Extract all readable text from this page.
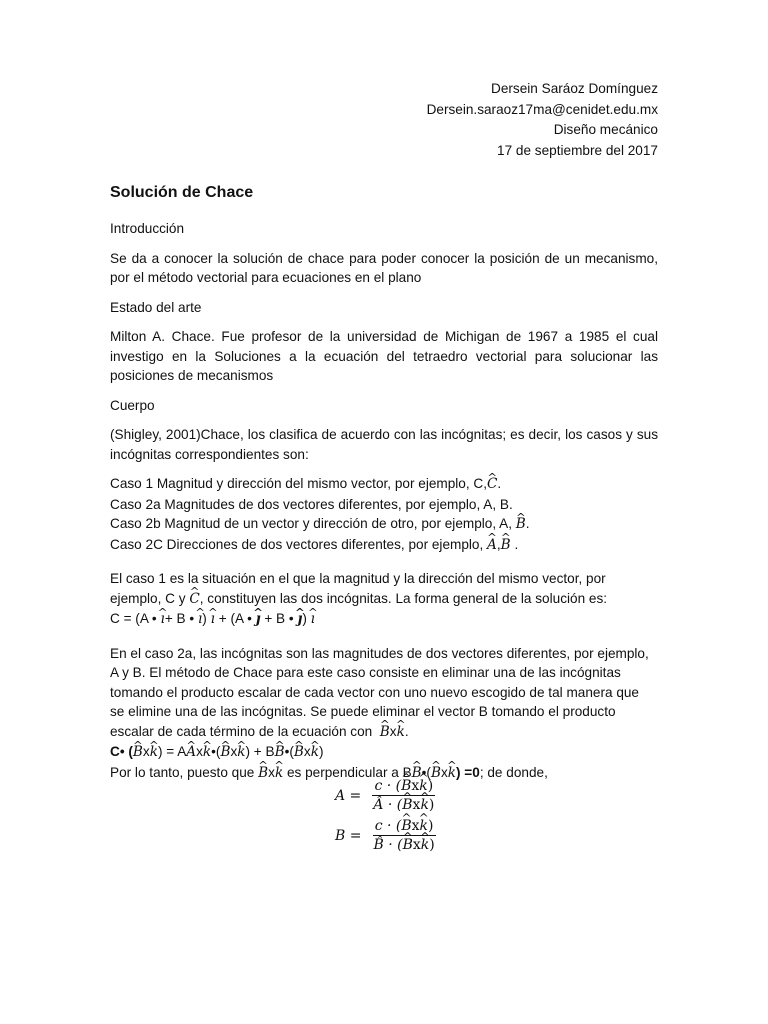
Dersein Saráoz Domínguez
Dersein.saraoz17ma@cenidet.edu.mx
Diseño mecánico
17 de septiembre del 2017
Solución de Chace

Introducción

Se da a conocer la solución de chace para poder conocer la posición de un mecanismo, por el método vectorial para ecuaciones en el plano

Estado del arte

Milton A. Chace. Fue profesor de la universidad de Michigan de 1967 a 1985 el cual investigo en la Soluciones a la ecuación del tetraedro vectorial para solucionar las posiciones de mecanismos

Cuerpo

(Shigley, 2001)Chace, los clasifica de acuerdo con las incógnitas; es decir, los casos y sus incógnitas correspondientes son:

Caso 1 Magnitud y dirección del mismo vector, por ejemplo, C,^ C.
Caso 2a Magnitudes de dos vectores diferentes, por ejemplo, A, B.
Caso 2b Magnitud de un vector y dirección de otro, por ejemplo, A, ^ B.
Caso 2C Direcciones de dos vectores diferentes, por ejemplo, ^ A,^ B .
El caso 1 es la situación en el que la magnitud y la dirección del mismo vector, por
ejemplo, C y ^ C, constituyen las dos incógnitas. La forma general de la solución es:
C = (A • ^ ı+ B • ^ ı) ^ ı + (A • ^ ȷ + B • ^ ȷ) ^ ı
En el caso 2a, las incógnitas son las magnitudes de dos vectores diferentes, por ejemplo,
A y B. El método de Chace para este caso consiste en eliminar una de las incógnitas
tomando el producto escalar de cada vector con uno nuevo escogido de tal manera que
se elimine una de las incógnitas. Se puede eliminar el vector B tomando el producto
escalar de cada término de la ecuación con ^ Bx^ k.
C• (^ Bx^ k) = A^ Ax^ k•(^ Bx^ k) + B^ B•(^ Bx^ k)
Por lo tanto, puesto que ^ Bx^ k es perpendicular a B^ B•(^ Bx^ k) =0; de donde,
$A = \frac{c \cdot (\^{} Bx\^{} k)}{Â \cdot (\^{} Bx\^{} k)}$
$B = \frac{c \cdot (\^{} Bx\^{} k)}{B̂ \cdot (\^{} Bx\^{} k)}$
